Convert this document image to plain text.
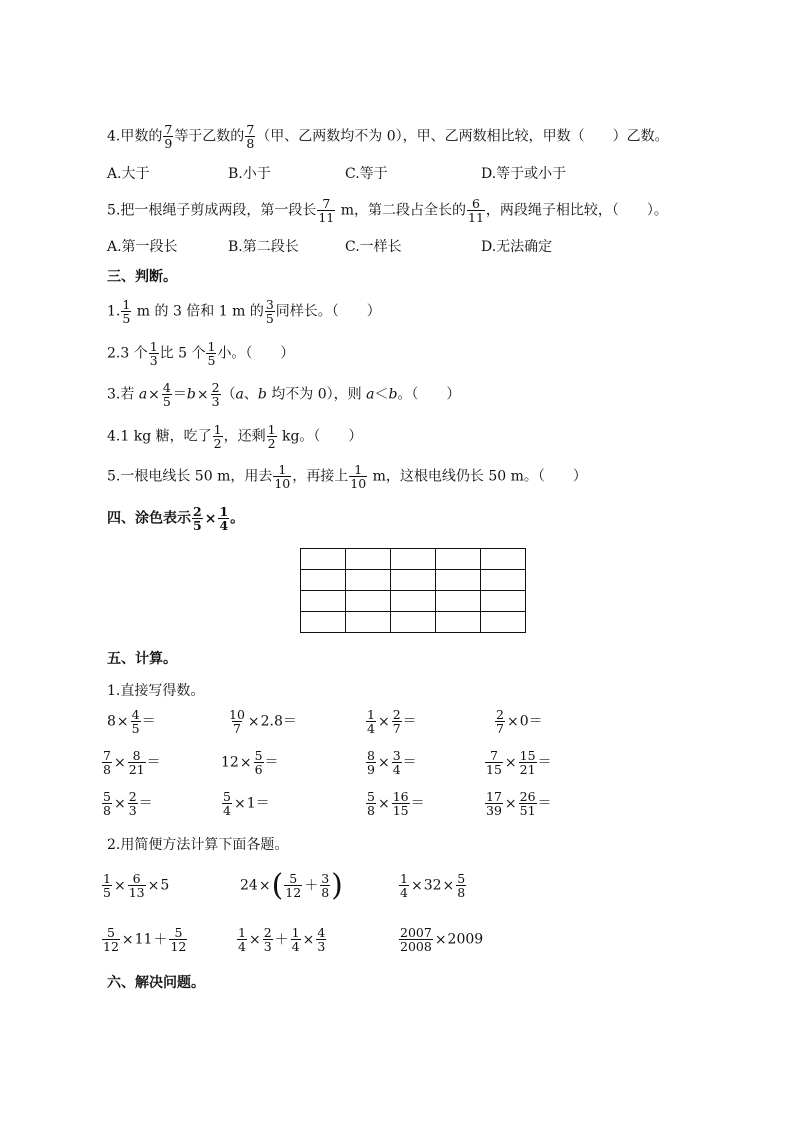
4.甲数的 $\frac{7}{9}$ 等于乙数的 $\frac{7}{8}$ （甲、乙两数均不为 0），甲、乙两数相比较，甲数（　　）乙数。
A.大于	B.小于	C.等于	D.等于或小于
5.把一根绳子剪成两段，第一段长 $\frac{7}{11}$ m，第二段占全长的 $\frac{6}{11}$ ，两段绳子相比较，（　　）。
A.第一段长	B.第二段长	C.一样长	D.无法确定
三、判断。
1. $\frac{1}{5}$ m 的 3 倍和 1 m 的 $\frac{3}{5}$ 同样长。（　　）
2.3 个 $\frac{1}{3}$ 比 5 个 $\frac{1}{5}$ 小。（　　）
3.若 $a\times \frac{4}{5} =b\times \frac{2}{3} (a$、b 均不为 0），则 a＜b。（　　）
4.1 kg 糖，吃了 $\frac{1}{2}$ ，还剩 $\frac{1}{2}$ kg。（　　）
5.一根电线长 50 m，用去 $\frac{1}{10}$ ，再接上 $\frac{1}{10}$ m，这根电线仍长 50 m。（　　）
四、涂色表示 $\frac{2}{5} \times \frac{1}{4}$ 。

五、计算。
1.直接写得数。
$8\times \frac{4}{5}$ ＝	$\frac{10}{7} \times 2.8=$	$\frac{1}{4} \times \frac{2}{7}$ ＝	$\frac{2}{7} \times 0=$
$\frac{7}{8} \times \frac{8}{21}$ ＝	$12\times \frac{5}{6}$ ＝	$\frac{8}{9} \times \frac{3}{4}$ ＝	$\frac{7}{15} \times \frac{15}{21}$ ＝
$\frac{5}{8} \times \frac{2}{3}$ ＝	$\frac{5}{4} \times 1=$	$\frac{5}{8} \times \frac{16}{15}$ ＝	$\frac{17}{39} \times \frac{26}{51}$ ＝
2.用简便方法计算下面各题。
$\frac{1}{5} \times \frac{6}{13} \times 5$	$24\times( \frac{5}{12} + \frac{3}{8}$ )	$\frac{1}{4} \times 32\times \frac{5}{8}$
$\frac{5}{12} \times 11+ \frac{5}{12}$	$\frac{1}{4} \times \frac{2}{3} + \frac{1}{4} \times \frac{4}{3}$	$\frac{2007}{2008} \times 2009$
六、解决问题。
